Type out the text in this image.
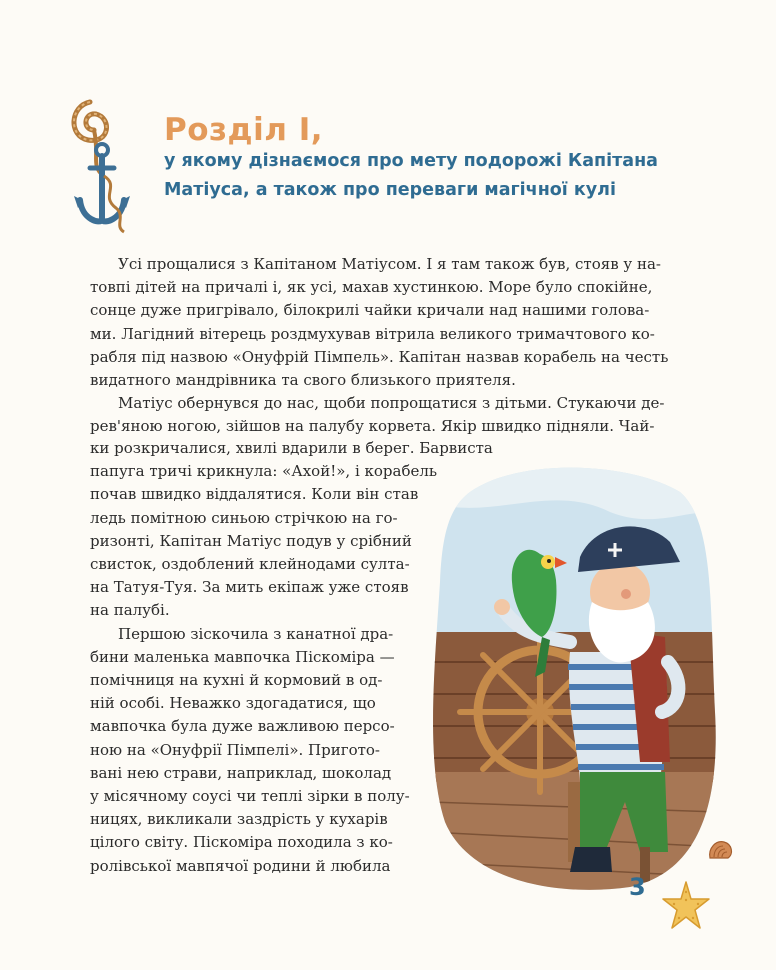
Розділ І,
у якому дізнаємося про мету подорожі Капітана
Матіуса, а також про переваги магічної кулі

Усі прощалися з Капітаном Матіусом. І я там також був, стояв у на-
товпі дітей на причалі і, як усі, махав хустинкою. Море було спокійне,
сонце дуже пригрівало, білокрилі чайки кричали над нашими голова-
ми. Лагідний вітерець роздмухував вітрила великого тримачтового ко-
рабля під назвою «Онуфрій Пімпель». Капітан назвав корабель на честь
видатного мандрівника та свого близького приятеля.

Матіус обернувся до нас, щоби попрощатися з дітьми. Стукаючи де-
рев'яною ногою, зійшов на палубу корвета. Якір швидко підняли. Чай-

ки розкричалися, хвилі вдарили в берег. Барвиста
папуга тричі крикнула: «Ахой!», і корабель
почав швидко віддалятися. Коли він став
ледь помітною синьою стрічкою на го-
ризонті, Капітан Матіус подув у срібний
свисток, оздоблений клейнодами султа-
на Татуя-Туя. За мить екіпаж уже стояв
на палубі.
Першою зіскочила з канатної дра-
бини маленька мавпочка Піскоміра —
помічниця на кухні й кормовий в од-
ній особі. Неважко здогадатися, що
мавпочка була дуже важливою персо-
ною на «Онуфрії Пімпелі». Пригото-
вані нею страви, наприклад, шоколад
у місячному соусі чи теплі зірки в полу-
ницях, викликали заздрість у кухарів
цілого світу. Піскоміра походила з ко-
ролівської мавпячої родини й любила
3
